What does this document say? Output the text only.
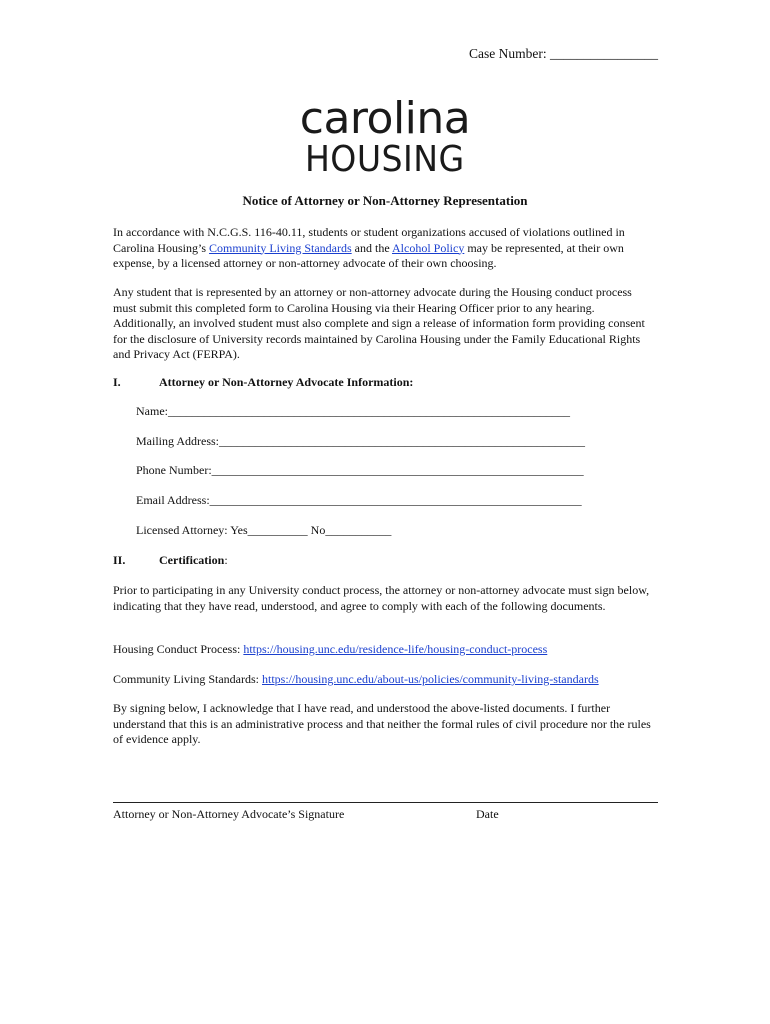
Case Number: ________________
carolina
HOUSING
Notice of Attorney or Non-Attorney Representation
In accordance with N.C.G.S. 116-40.11, students or student organizations accused of violations outlined in Carolina Housing’s Community Living Standards and the Alcohol Policy may be represented, at their own expense, by a licensed attorney or non-attorney advocate of their own choosing.
Any student that is represented by an attorney or non-attorney advocate during the Housing conduct process must submit this completed form to Carolina Housing via their Hearing Officer prior to any hearing. Additionally, an involved student must also complete and sign a release of information form providing consent for the disclosure of University records maintained by Carolina Housing under the Family Educational Rights and Privacy Act (FERPA).
I.	Attorney or Non-Attorney Advocate Information:
Name:___________________________________________________________________
Mailing Address:_____________________________________________________________
Phone Number:______________________________________________________________
Email Address:______________________________________________________________
Licensed Attorney: Yes__________ No___________
II.	Certification:
Prior to participating in any University conduct process, the attorney or non-attorney advocate must sign below, indicating that they have read, understood, and agree to comply with each of the following documents.
Housing Conduct Process: https://housing.unc.edu/residence-life/housing-conduct-process
Community Living Standards: https://housing.unc.edu/about-us/policies/community-living-standards
By signing below, I acknowledge that I have read, and understood the above-listed documents. I further understand that this is an administrative process and that neither the formal rules of civil procedure nor the rules of evidence apply.
Attorney or Non-Attorney Advocate’s Signature	Date
